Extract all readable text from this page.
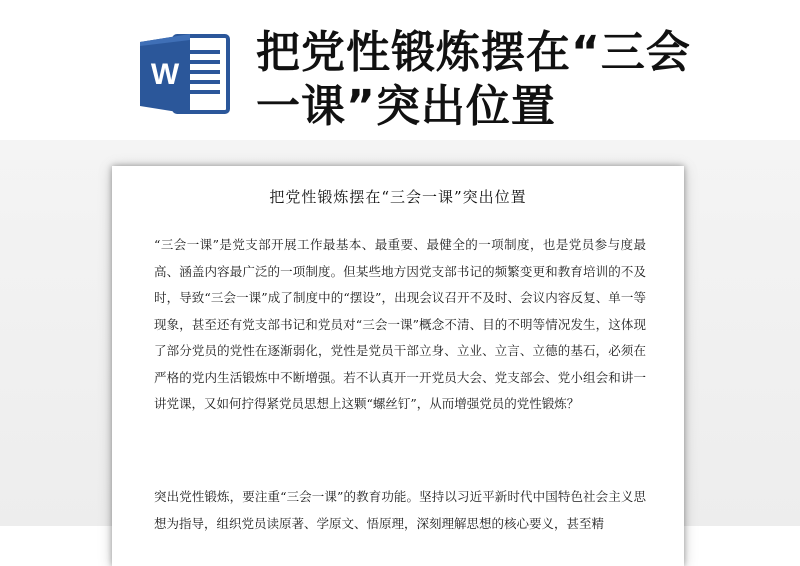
W 把党性锻炼摆在“三会一课”突出位置
把党性锻炼摆在“三会一课”突出位置

“三会一课”是党支部开展工作最基本、最重要、最健全的一项制度，也是党员参与度最高、涵盖内容最广泛的一项制度。但某些地方因党支部书记的频繁变更和教育培训的不及时，导致“三会一课”成了制度中的“摆设”，出现会议召开不及时、会议内容反复、单一等现象，甚至还有党支部书记和党员对“三会一课”概念不清、目的不明等情况发生，这体现了部分党员的党性在逐渐弱化，党性是党员干部立身、立业、立言、立德的基石，必须在严格的党内生活锻炼中不断增强。若不认真开一开党员大会、党支部会、党小组会和讲一讲党课，又如何拧得紧党员思想上这颗“螺丝钉”，从而增强党员的党性锻炼？

突出党性锻炼，要注重“三会一课”的教育功能。坚持以习近平新时代中国特色社会主义思想为指导，组织党员读原著、学原文、悟原理，深刻理解思想的核心要义，甚至精
